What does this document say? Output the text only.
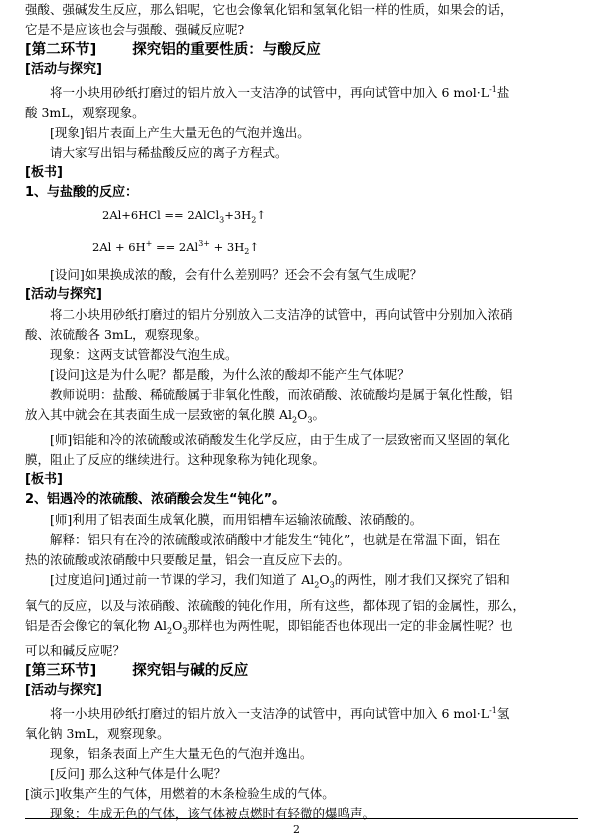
强酸、强碱发生反应，那么铝呢，它也会像氧化铝和氢氧化铝一样的性质，如果会的话，
它是不是应该也会与强酸、强碱反应呢?
[第二环节] 探究铝的重要性质：与酸反应
[活动与探究]
将一小块用砂纸打磨过的铝片放入一支洁净的试管中，再向试管中加入 6 $mol\cdot L^{-1}$盐
酸 3mL，观察现象。
[现象]铝片表面上产生大量无色的气泡并逸出。
请大家写出铝与稀盐酸反应的离子方程式。
[板书]
1、与盐酸的反应：
$2Al+6HCl == 2AlCl_3+3H_2↑$
$2Al + 6H^+ == 2Al^{3+}$ + $3H_2↑$
[设问]如果换成浓的酸，会有什么差别吗？还会不会有氢气生成呢？
[活动与探究]
将二小块用砂纸打磨过的铝片分别放入二支洁净的试管中，再向试管中分别加入浓硝
酸、浓硫酸各 3mL，观察现象。
现象：这两支试管都没气泡生成。
[设问]这是为什么呢？都是酸，为什么浓的酸却不能产生气体呢？
教师说明：盐酸、稀硫酸属于非氧化性酸，而浓硝酸、浓硫酸均是属于氧化性酸，铝
放入其中就会在其表面生成一层致密的氧化膜 $Al_2O_3$。
[师]铝能和冷的浓硫酸或浓硝酸发生化学反应，由于生成了一层致密而又坚固的氧化
膜，阻止了反应的继续进行。这种现象称为钝化现象。
[板书]
2、铝遇冷的浓硫酸、浓硝酸会发生“钝化”。
[师]利用了铝表面生成氧化膜，而用铝槽车运输浓硫酸、浓硝酸的。
解释：铝只有在冷的浓硫酸或浓硝酸中才能发生“钝化”，也就是在常温下面，铝在
热的浓硫酸或浓硝酸中只要酸足量，铝会一直反应下去的。
[过度追问]通过前一节课的学习，我们知道了 $Al_2O_3$的两性，刚才我们又探究了铝和
氧气的反应，以及与浓硝酸、浓硫酸的钝化作用，所有这些，都体现了铝的金属性，那么，
铝是否会像它的氧化物 $Al_2O_3$那样也为两性呢，即铝能否也体现出一定的非金属性呢？也
可以和碱反应呢？
[第三环节] 探究铝与碱的反应
[活动与探究]
将一小块用砂纸打磨过的铝片放入一支洁净的试管中，再向试管中加入 6 $mol\cdot L^{-1}$氢
氧化钠 3mL，观察现象。
现象，铝条表面上产生大量无色的气泡并逸出。
[反问] 那么这种气体是什么呢？
[演示]收集产生的气体，用燃着的木条检验生成的气体。
现象：生成无色的气体，该气体被点燃时有轻微的爆鸣声。
2
